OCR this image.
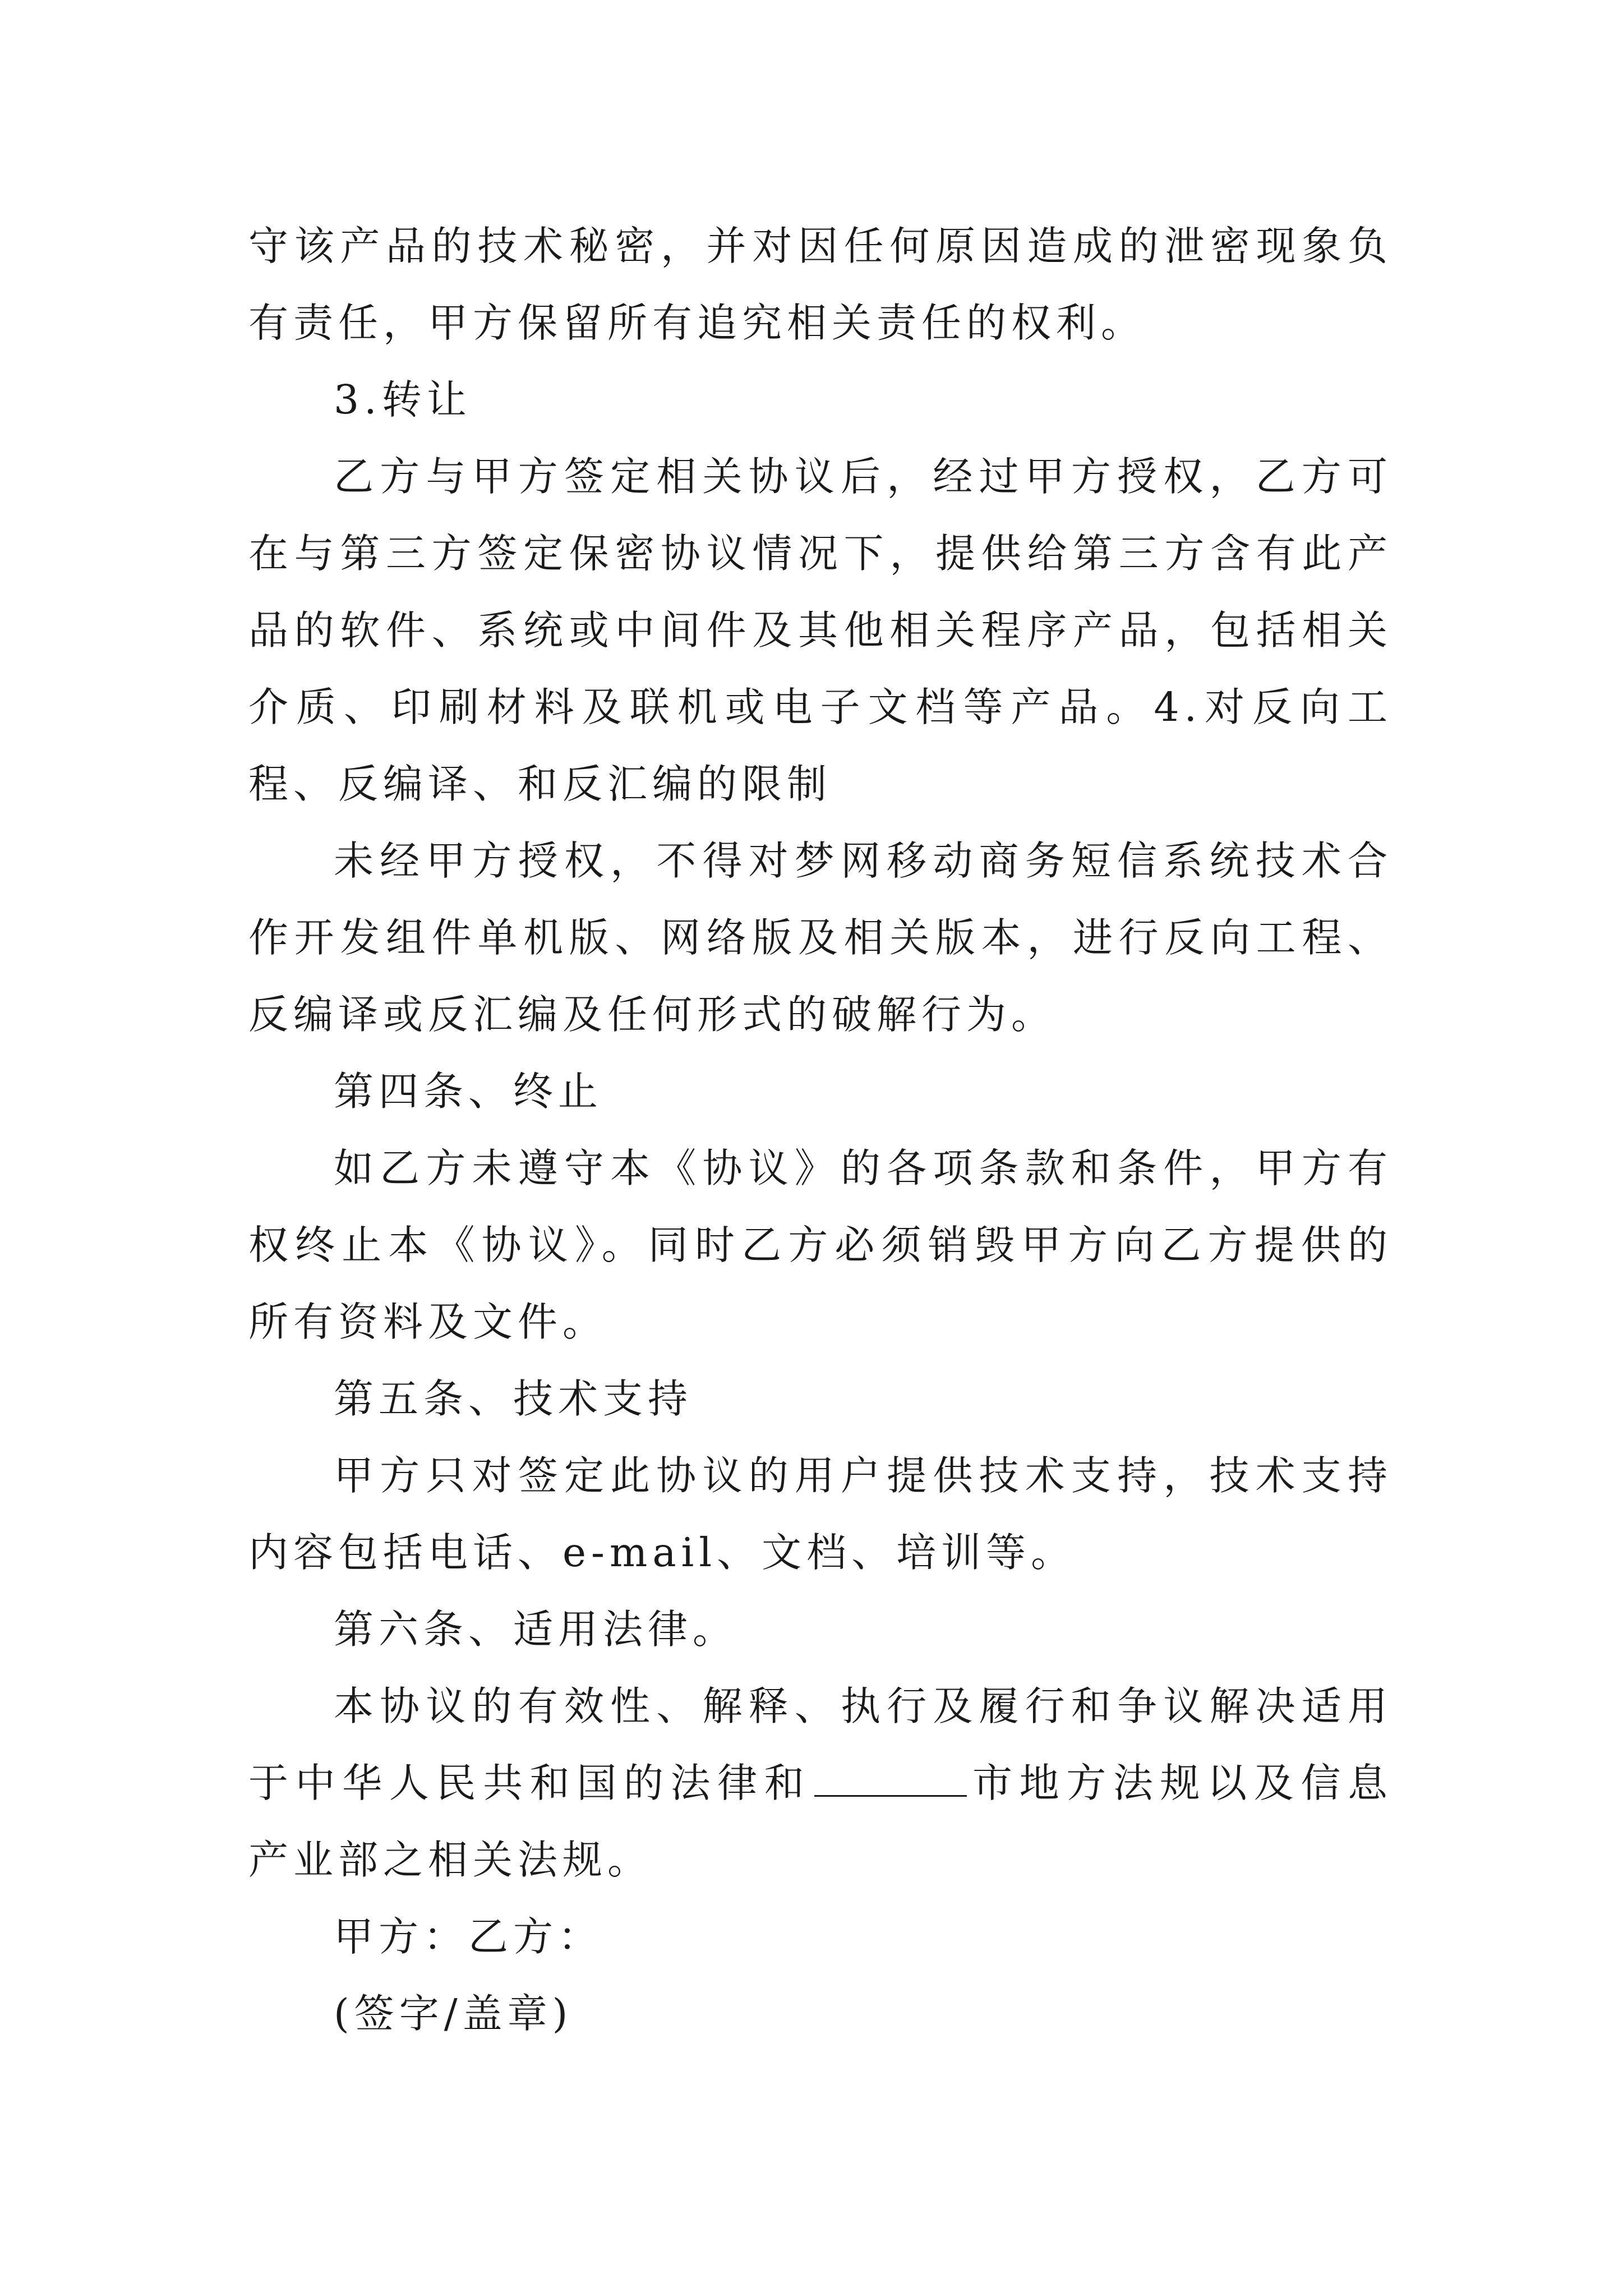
守该产品的技术秘密，并对因任何原因造成的泄密现象负有责任，甲方保留所有追究相关责任的权利。

3.转让

乙方与甲方签定相关协议后，经过甲方授权，乙方可在与第三方签定保密协议情况下，提供给第三方含有此产品的软件、系统或中间件及其他相关程序产品，包括相关介质、印刷材料及联机或电子文档等产品。4.对反向工程、反编译、和反汇编的限制

未经甲方授权，不得对梦网移动商务短信系统技术合作开发组件单机版、网络版及相关版本，进行反向工程、反编译或反汇编及任何形式的破解行为。

第四条、终止

如乙方未遵守本《协议》的各项条款和条件，甲方有权终止本《协议》。同时乙方必须销毁甲方向乙方提供的所有资料及文件。

第五条、技术支持

甲方只对签定此协议的用户提供技术支持，技术支持内容包括电话、e-mail、文档、培训等。

第六条、适用法律。

本协议的有效性、解释、执行及履行和争议解决适用于中华人民共和国的法律和	市地方法规以及信息产业部之相关法规。

甲方：乙方：

(签字/盖章)
